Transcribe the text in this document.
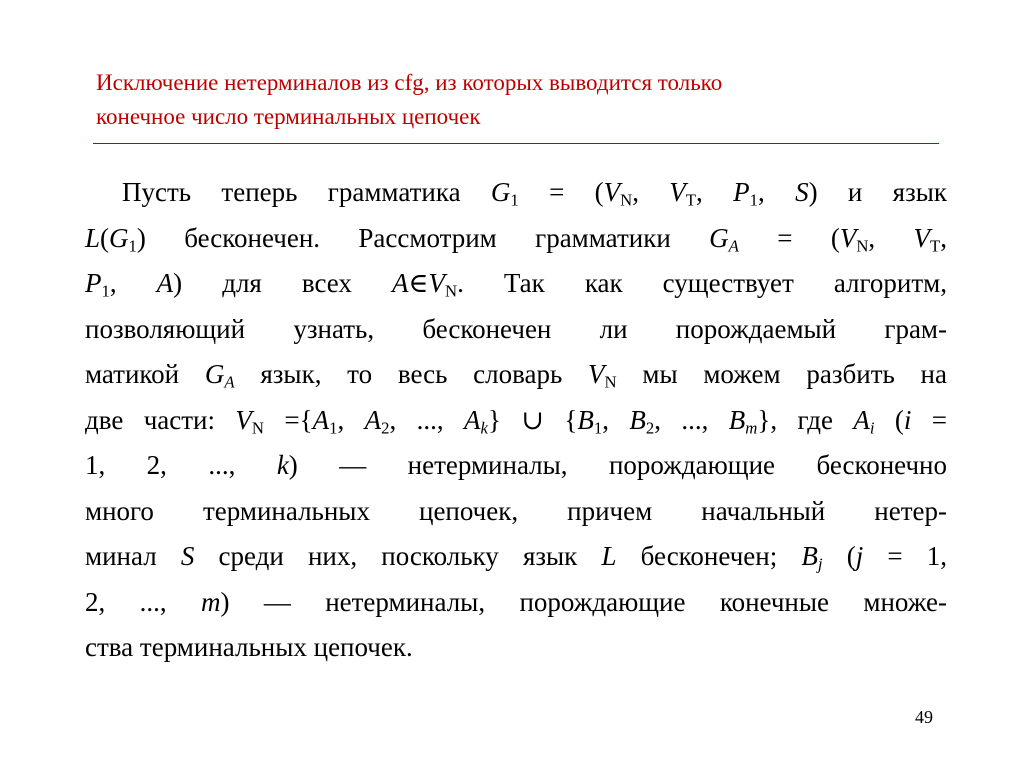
Исключение нетерминалов из cfg, из которых выводится только
конечное число терминальных цепочек
Пусть теперь грамматика $G_1 = (V_N$, $V_T$, $P_1$, S) и язык
$L(G_1)$ бесконечен. Рассмотрим грамматики $G_A = (V_N$, $V_T$,
$P_1$, A) для всех $A\in V_N$. Так как существует алгоритм,
позволяющий узнать, бесконечен ли порождаемый грам-
матикой $G_A$ язык, то весь словарь $V_N$ мы можем разбить на
две части: $V_N =\{A_1$, $A_2$, ..., $A_k$} ∪ {$B_1$, $B_2$, ..., $B_m$}, где $A_i$ (i =
1, 2, ..., k) — нетерминалы, порождающие бесконечно
много терминальных цепочек, причем начальный нетер-
минал S среди них, поскольку язык L бесконечен; $B_j$ (j = 1,
2, ..., m) — нетерминалы, порождающие конечные множе-
ства терминальных цепочек.
49
